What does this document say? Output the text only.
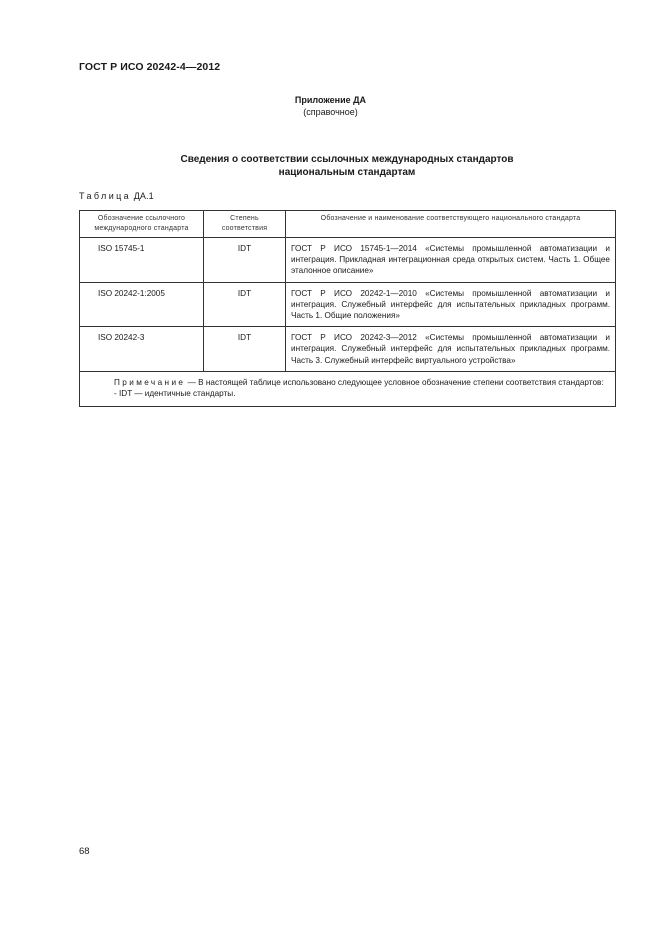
ГОСТ Р ИСО 20242-4—2012
Приложение ДА
(справочное)
Сведения о соответствии ссылочных международных стандартов
национальным стандартам
Таблица ДА.1
Обозначение ссылочного международного стандарта	Степень соответствия	Обозначение и наименование соответствующего национального стандарта
ISO 15745-1	IDT	ГОСТ Р ИСО 15745-1—2014 «Системы промышленной автоматизации и интеграция. Прикладная интеграционная среда открытых систем. Часть 1. Общее эталонное описание»
ISO 20242-1:2005	IDT	ГОСТ Р ИСО 20242-1—2010 «Системы промышленной автоматизации и интеграция. Служебный интерфейс для испытательных прикладных программ. Часть 1. Общие положения»
ISO 20242-3	IDT	ГОСТ Р ИСО 20242-3—2012 «Системы промышленной автоматизации и интеграция. Служебный интерфейс для испытательных прикладных программ. Часть 3. Служебный интерфейс виртуального устройства»

Примечание — В настоящей таблице использовано следующее условное обозначение степени соответствия стандартов:
- IDT — идентичные стандарты.		
68
